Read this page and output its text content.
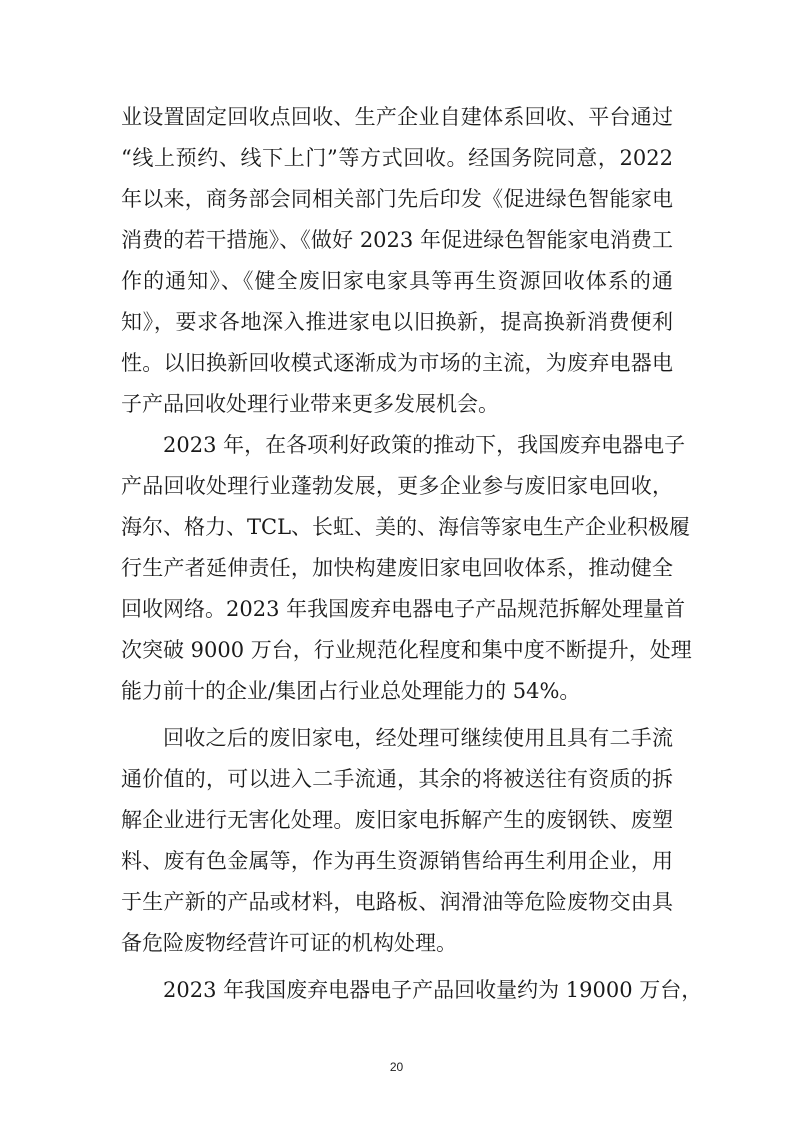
业设置固定回收点回收、生产企业自建体系回收、平台通过
“线上预约、线下上门”等方式回收。经国务院同意，2022
年以来，商务部会同相关部门先后印发《促进绿色智能家电
消费的若干措施》、《做好 2023 年促进绿色智能家电消费工
作的通知》、《健全废旧家电家具等再生资源回收体系的通
知》，要求各地深入推进家电以旧换新，提高换新消费便利
性。以旧换新回收模式逐渐成为市场的主流，为废弃电器电
子产品回收处理行业带来更多发展机会。
2023 年，在各项利好政策的推动下，我国废弃电器电子
产品回收处理行业蓬勃发展，更多企业参与废旧家电回收，
海尔、格力、TCL、长虹、美的、海信等家电生产企业积极履
行生产者延伸责任，加快构建废旧家电回收体系，推动健全
回收网络。2023 年我国废弃电器电子产品规范拆解处理量首
次突破 9000 万台，行业规范化程度和集中度不断提升，处理
能力前十的企业/集团占行业总处理能力的 54%。
回收之后的废旧家电，经处理可继续使用且具有二手流
通价值的，可以进入二手流通，其余的将被送往有资质的拆
解企业进行无害化处理。废旧家电拆解产生的废钢铁、废塑
料、废有色金属等，作为再生资源销售给再生利用企业，用
于生产新的产品或材料，电路板、润滑油等危险废物交由具
备危险废物经营许可证的机构处理。
2023 年我国废弃电器电子产品回收量约为 19000 万台，
20
